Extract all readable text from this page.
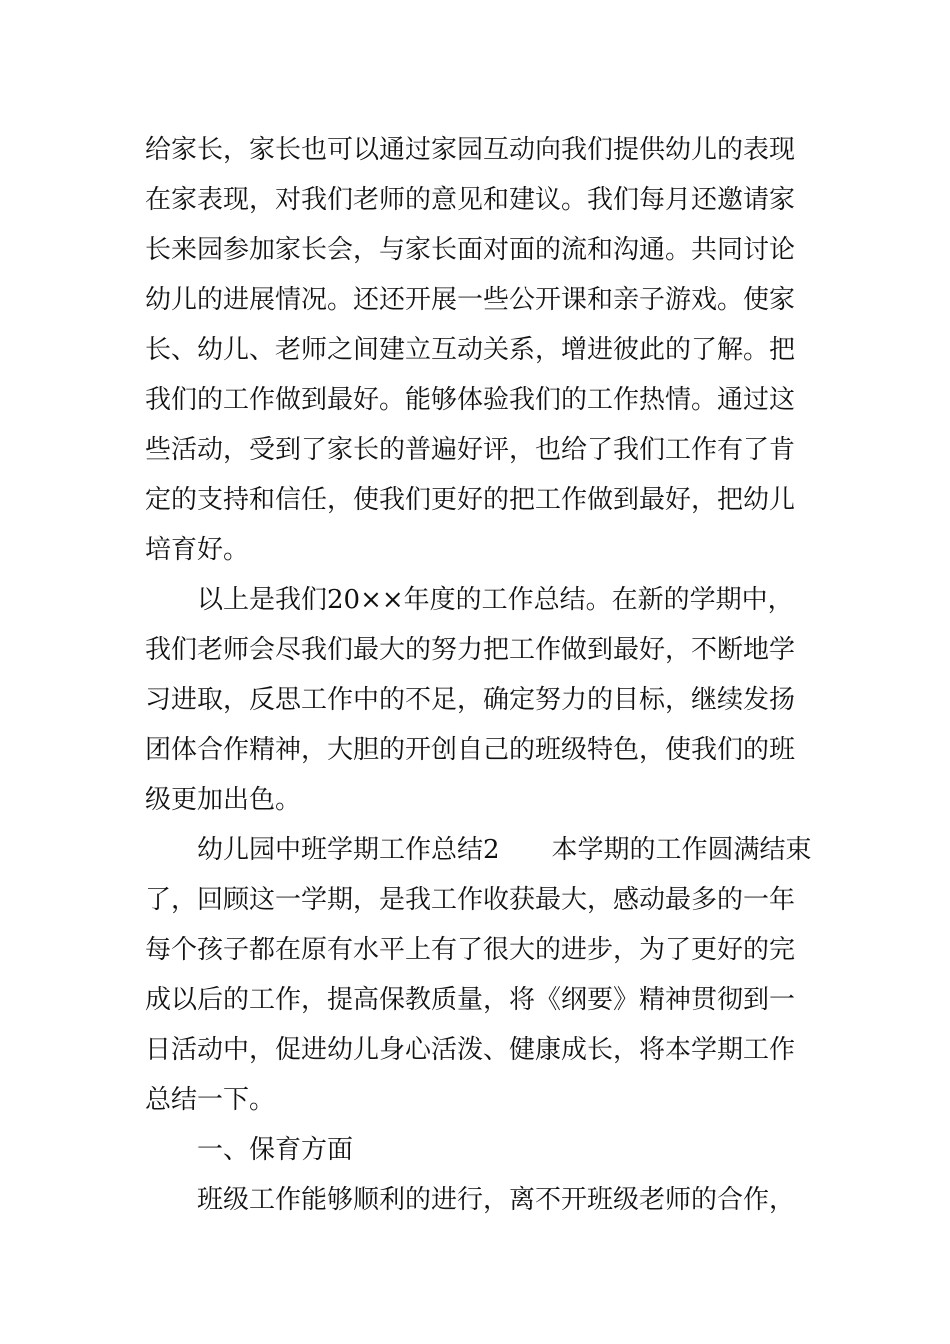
给家长，家长也可以通过家园互动向我们提供幼儿的表现
在家表现，对我们老师的意见和建议。我们每月还邀请家
长来园参加家长会，与家长面对面的流和沟通。共同讨论
幼儿的进展情况。还还开展一些公开课和亲子游戏。使家
长、幼儿、老师之间建立互动关系，增进彼此的了解。把
我们的工作做到最好。能够体验我们的工作热情。通过这
些活动，受到了家长的普遍好评，也给了我们工作有了肯
定的支持和信任，使我们更好的把工作做到最好，把幼儿
培育好。
以上是我们20××年度的工作总结。在新的学期中，
我们老师会尽我们最大的努力把工作做到最好，不断地学
习进取，反思工作中的不足，确定努力的目标，继续发扬
团体合作精神，大胆的开创自己的班级特色，使我们的班
级更加出色。
幼儿园中班学期工作总结2 本学期的工作圆满结束
了，回顾这一学期，是我工作收获最大，感动最多的一年
每个孩子都在原有水平上有了很大的进步，为了更好的完
成以后的工作，提高保教质量，将《纲要》精神贯彻到一
日活动中，促进幼儿身心活泼、健康成长，将本学期工作
总结一下。
一、保育方面
班级工作能够顺利的进行，离不开班级老师的合作，
